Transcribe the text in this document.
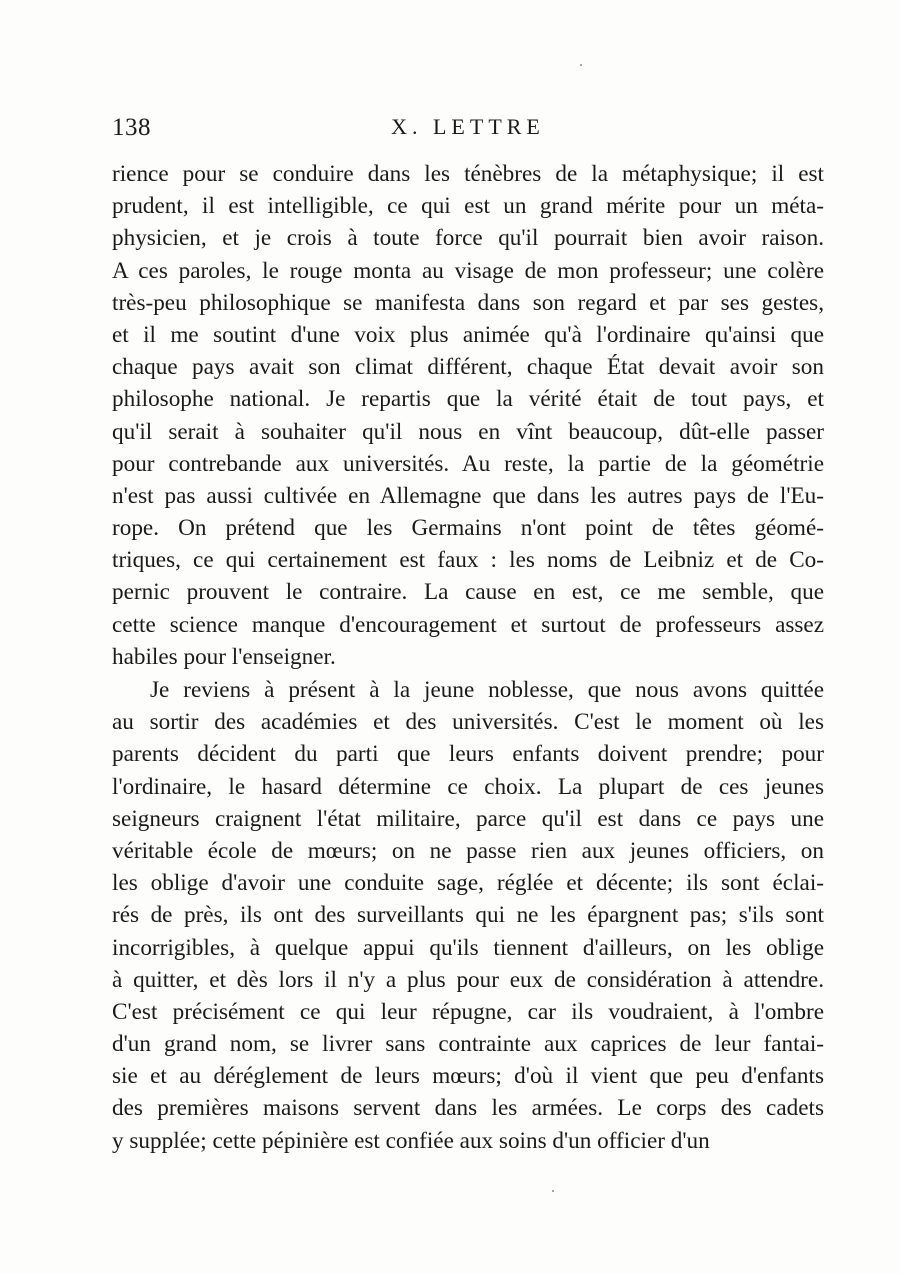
138	X. LETTRE
rience pour se conduire dans les ténèbres de la métaphysique; il est
prudent, il est intelligible, ce qui est un grand mérite pour un méta-
physicien, et je crois à toute force qu'il pourrait bien avoir raison.
A ces paroles, le rouge monta au visage de mon professeur; une colère
très-peu philosophique se manifesta dans son regard et par ses gestes,
et il me soutint d'une voix plus animée qu'à l'ordinaire qu'ainsi que
chaque pays avait son climat différent, chaque État devait avoir son
philosophe national. Je repartis que la vérité était de tout pays, et
qu'il serait à souhaiter qu'il nous en vînt beaucoup, dût-elle passer
pour contrebande aux universités. Au reste, la partie de la géométrie
n'est pas aussi cultivée en Allemagne que dans les autres pays de l'Eu-
rope. On prétend que les Germains n'ont point de têtes géomé-
triques, ce qui certainement est faux : les noms de Leibniz et de Co-
pernic prouvent le contraire. La cause en est, ce me semble, que
cette science manque d'encouragement et surtout de professeurs assez
habiles pour l'enseigner.
Je reviens à présent à la jeune noblesse, que nous avons quittée
au sortir des académies et des universités. C'est le moment où les
parents décident du parti que leurs enfants doivent prendre; pour
l'ordinaire, le hasard détermine ce choix. La plupart de ces jeunes
seigneurs craignent l'état militaire, parce qu'il est dans ce pays une
véritable école de mœurs; on ne passe rien aux jeunes officiers, on
les oblige d'avoir une conduite sage, réglée et décente; ils sont éclai-
rés de près, ils ont des surveillants qui ne les épargnent pas; s'ils sont
incorrigibles, à quelque appui qu'ils tiennent d'ailleurs, on les oblige
à quitter, et dès lors il n'y a plus pour eux de considération à attendre.
C'est précisément ce qui leur répugne, car ils voudraient, à l'ombre
d'un grand nom, se livrer sans contrainte aux caprices de leur fantai-
sie et au déréglement de leurs mœurs; d'où il vient que peu d'enfants
des premières maisons servent dans les armées. Le corps des cadets
y supplée; cette pépinière est confiée aux soins d'un officier d'un
